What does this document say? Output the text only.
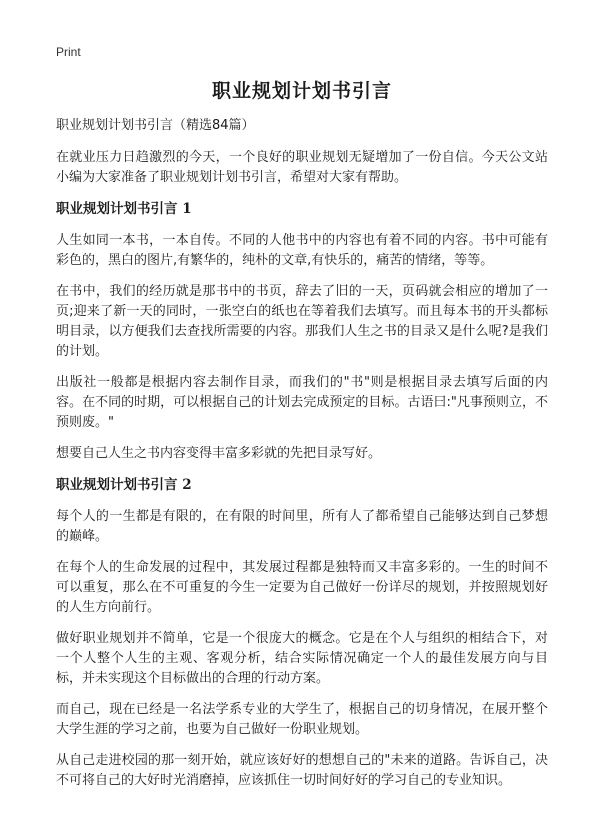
Print
职业规划计划书引言
职业规划计划书引言（精选84篇）

在就业压力日趋激烈的今天，一个良好的职业规划无疑增加了一份自信。今天公文站小编为大家准备了职业规划计划书引言，希望对大家有帮助。

职业规划计划书引言 1

人生如同一本书，一本自传。不同的人他书中的内容也有着不同的内容。书中可能有彩色的，黑白的图片,有繁华的，纯朴的文章,有快乐的，痛苦的情绪，等等。

在书中，我们的经历就是那书中的书页，辞去了旧的一天，页码就会相应的增加了一页;迎来了新一天的同时，一张空白的纸也在等着我们去填写。而且每本书的开头都标明目录，以方便我们去查找所需要的内容。那我们人生之书的目录又是什么呢?是我们的计划。

出版社一般都是根据内容去制作目录，而我们的"书"则是根据目录去填写后面的内容。在不同的时期，可以根据自己的计划去完成预定的目标。古语曰:"凡事预则立，不预则废。"

想要自己人生之书内容变得丰富多彩就的先把目录写好。

职业规划计划书引言 2

每个人的一生都是有限的，在有限的时间里，所有人了都希望自己能够达到自己梦想的巅峰。

在每个人的生命发展的过程中，其发展过程都是独特而又丰富多彩的。一生的时间不可以重复，那么在不可重复的今生一定要为自己做好一份详尽的规划，并按照规划好的人生方向前行。

做好职业规划并不简单，它是一个很庞大的概念。它是在个人与组织的相结合下，对一个人整个人生的主观、客观分析，结合实际情况确定一个人的最佳发展方向与目标，并未实现这个目标做出的合理的行动方案。

而自己，现在已经是一名法学系专业的大学生了，根据自己的切身情况，在展开整个大学生涯的学习之前，也要为自己做好一份职业规划。

从自己走进校园的那一刻开始，就应该好好的想想自己的"未来的道路。告诉自己，决不可将自己的大好时光消磨掉，应该抓住一切时间好好的学习自己的专业知识。
